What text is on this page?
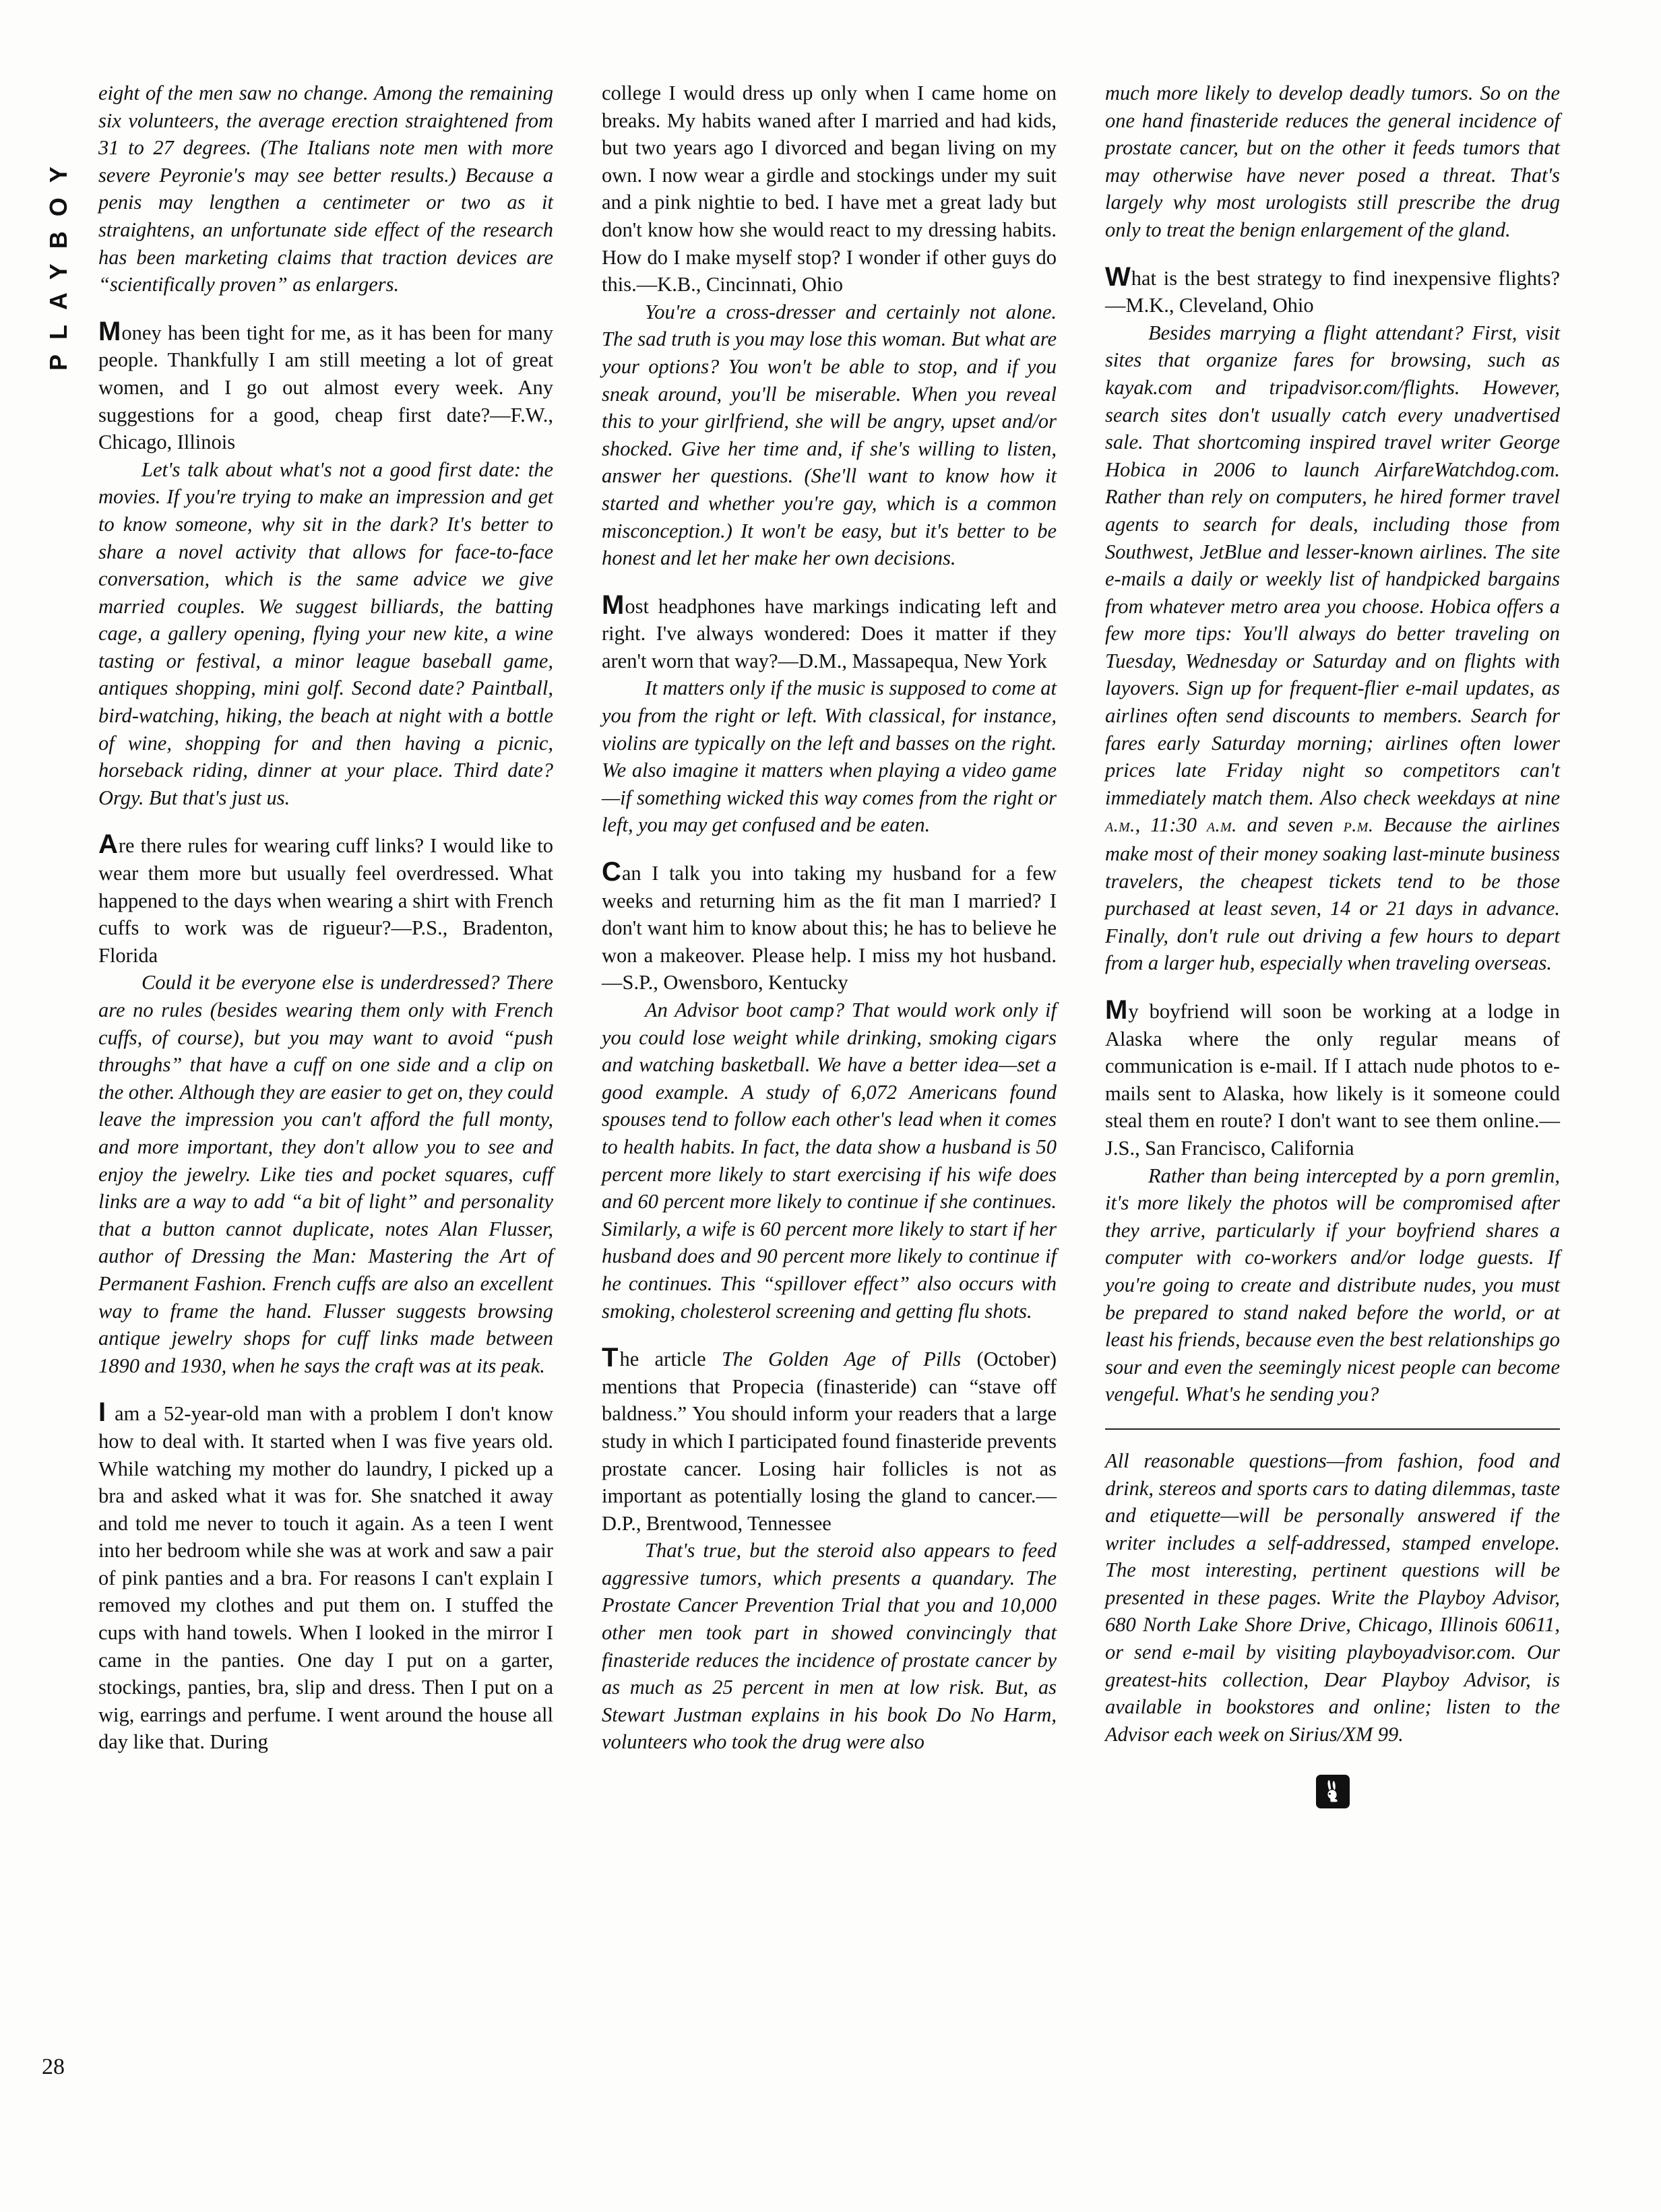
PLAYBOY
28

eight of the men saw no change. Among the remaining six volunteers, the average erection straightened from 31 to 27 degrees. (The Italians note men with more severe Peyronie's may see better results.) Because a penis may lengthen a centimeter or two as it straightens, an unfortunate side effect of the research has been marketing claims that traction devices are “scientifically proven” as enlargers.

Money has been tight for me, as it has been for many people. Thankfully I am still meeting a lot of great women, and I go out almost every week. Any suggestions for a good, cheap first date?—F.W., Chicago, Illinois

Let's talk about what's not a good first date: the movies. If you're trying to make an impression and get to know someone, why sit in the dark? It's better to share a novel activity that allows for face-to-face conversation, which is the same advice we give married couples. We suggest billiards, the batting cage, a gallery opening, flying your new kite, a wine tasting or festival, a minor league baseball game, antiques shopping, mini golf. Second date? Paintball, bird-watching, hiking, the beach at night with a bottle of wine, shopping for and then having a picnic, horseback riding, dinner at your place. Third date? Orgy. But that's just us.

Are there rules for wearing cuff links? I would like to wear them more but usually feel overdressed. What happened to the days when wearing a shirt with French cuffs to work was de rigueur?—P.S., Bradenton, Florida

Could it be everyone else is underdressed? There are no rules (besides wearing them only with French cuffs, of course), but you may want to avoid “push throughs” that have a cuff on one side and a clip on the other. Although they are easier to get on, they could leave the impression you can't afford the full monty, and more important, they don't allow you to see and enjoy the jewelry. Like ties and pocket squares, cuff links are a way to add “a bit of light” and personality that a button cannot duplicate, notes Alan Flusser, author of Dressing the Man: Mastering the Art of Permanent Fashion. French cuffs are also an excellent way to frame the hand. Flusser suggests browsing antique jewelry shops for cuff links made between 1890 and 1930, when he says the craft was at its peak.

I am a 52-year-old man with a problem I don't know how to deal with. It started when I was five years old. While watching my mother do laundry, I picked up a bra and asked what it was for. She snatched it away and told me never to touch it again. As a teen I went into her bedroom while she was at work and saw a pair of pink panties and a bra. For reasons I can't explain I removed my clothes and put them on. I stuffed the cups with hand towels. When I looked in the mirror I came in the panties. One day I put on a garter, stockings, panties, bra, slip and dress. Then I put on a wig, earrings and perfume. I went around the house all day like that. During

college I would dress up only when I came home on breaks. My habits waned after I married and had kids, but two years ago I divorced and began living on my own. I now wear a girdle and stockings under my suit and a pink nightie to bed. I have met a great lady but don't know how she would react to my dressing habits. How do I make myself stop? I wonder if other guys do this.—K.B., Cincinnati, Ohio

You're a cross-dresser and certainly not alone. The sad truth is you may lose this woman. But what are your options? You won't be able to stop, and if you sneak around, you'll be miserable. When you reveal this to your girlfriend, she will be angry, upset and/or shocked. Give her time and, if she's willing to listen, answer her questions. (She'll want to know how it started and whether you're gay, which is a common misconception.) It won't be easy, but it's better to be honest and let her make her own decisions.

Most headphones have markings indicating left and right. I've always wondered: Does it matter if they aren't worn that way?—D.M., Massapequa, New York

It matters only if the music is supposed to come at you from the right or left. With classical, for instance, violins are typically on the left and basses on the right. We also imagine it matters when playing a video game—if something wicked this way comes from the right or left, you may get confused and be eaten.

Can I talk you into taking my husband for a few weeks and returning him as the fit man I married? I don't want him to know about this; he has to believe he won a makeover. Please help. I miss my hot husband.—S.P., Owensboro, Kentucky

An Advisor boot camp? That would work only if you could lose weight while drinking, smoking cigars and watching basketball. We have a better idea—set a good example. A study of 6,072 Americans found spouses tend to follow each other's lead when it comes to health habits. In fact, the data show a husband is 50 percent more likely to start exercising if his wife does and 60 percent more likely to continue if she continues. Similarly, a wife is 60 percent more likely to start if her husband does and 90 percent more likely to continue if he continues. This “spillover effect” also occurs with smoking, cholesterol screening and getting flu shots.

The article The Golden Age of Pills (October) mentions that Propecia (finasteride) can “stave off baldness.” You should inform your readers that a large study in which I participated found finasteride prevents prostate cancer. Losing hair follicles is not as important as potentially losing the gland to cancer.—D.P., Brentwood, Tennessee

That's true, but the steroid also appears to feed aggressive tumors, which presents a quandary. The Prostate Cancer Prevention Trial that you and 10,000 other men took part in showed convincingly that finasteride reduces the incidence of prostate cancer by as much as 25 percent in men at low risk. But, as Stewart Justman explains in his book Do No Harm, volunteers who took the drug were also

much more likely to develop deadly tumors. So on the one hand finasteride reduces the general incidence of prostate cancer, but on the other it feeds tumors that may otherwise have never posed a threat. That's largely why most urologists still prescribe the drug only to treat the benign enlargement of the gland.

What is the best strategy to find inexpensive flights?—M.K., Cleveland, Ohio

Besides marrying a flight attendant? First, visit sites that organize fares for browsing, such as kayak.com and tripadvisor.com/flights. However, search sites don't usually catch every unadvertised sale. That shortcoming inspired travel writer George Hobica in 2006 to launch AirfareWatchdog.com. Rather than rely on computers, he hired former travel agents to search for deals, including those from Southwest, JetBlue and lesser-known airlines. The site e-mails a daily or weekly list of handpicked bargains from whatever metro area you choose. Hobica offers a few more tips: You'll always do better traveling on Tuesday, Wednesday or Saturday and on flights with layovers. Sign up for frequent-flier e-mail updates, as airlines often send discounts to members. Search for fares early Saturday morning; airlines often lower prices late Friday night so competitors can't immediately match them. Also check weekdays at nine a.m., 11:30 a.m. and seven p.m. Because the airlines make most of their money soaking last-minute business travelers, the cheapest tickets tend to be those purchased at least seven, 14 or 21 days in advance. Finally, don't rule out driving a few hours to depart from a larger hub, especially when traveling overseas.

My boyfriend will soon be working at a lodge in Alaska where the only regular means of communication is e-mail. If I attach nude photos to e-mails sent to Alaska, how likely is it someone could steal them en route? I don't want to see them online.—J.S., San Francisco, California

Rather than being intercepted by a porn gremlin, it's more likely the photos will be compromised after they arrive, particularly if your boyfriend shares a computer with co-workers and/or lodge guests. If you're going to create and distribute nudes, you must be prepared to stand naked before the world, or at least his friends, because even the best relationships go sour and even the seemingly nicest people can become vengeful. What's he sending you?

All reasonable questions—from fashion, food and drink, stereos and sports cars to dating dilemmas, taste and etiquette—will be personally answered if the writer includes a self-addressed, stamped envelope. The most interesting, pertinent questions will be presented in these pages. Write the Playboy Advisor, 680 North Lake Shore Drive, Chicago, Illinois 60611, or send e-mail by visiting playboyadvisor.com. Our greatest-hits collection, Dear Playboy Advisor, is available in bookstores and online; listen to the Advisor each week on Sirius/XM 99.
